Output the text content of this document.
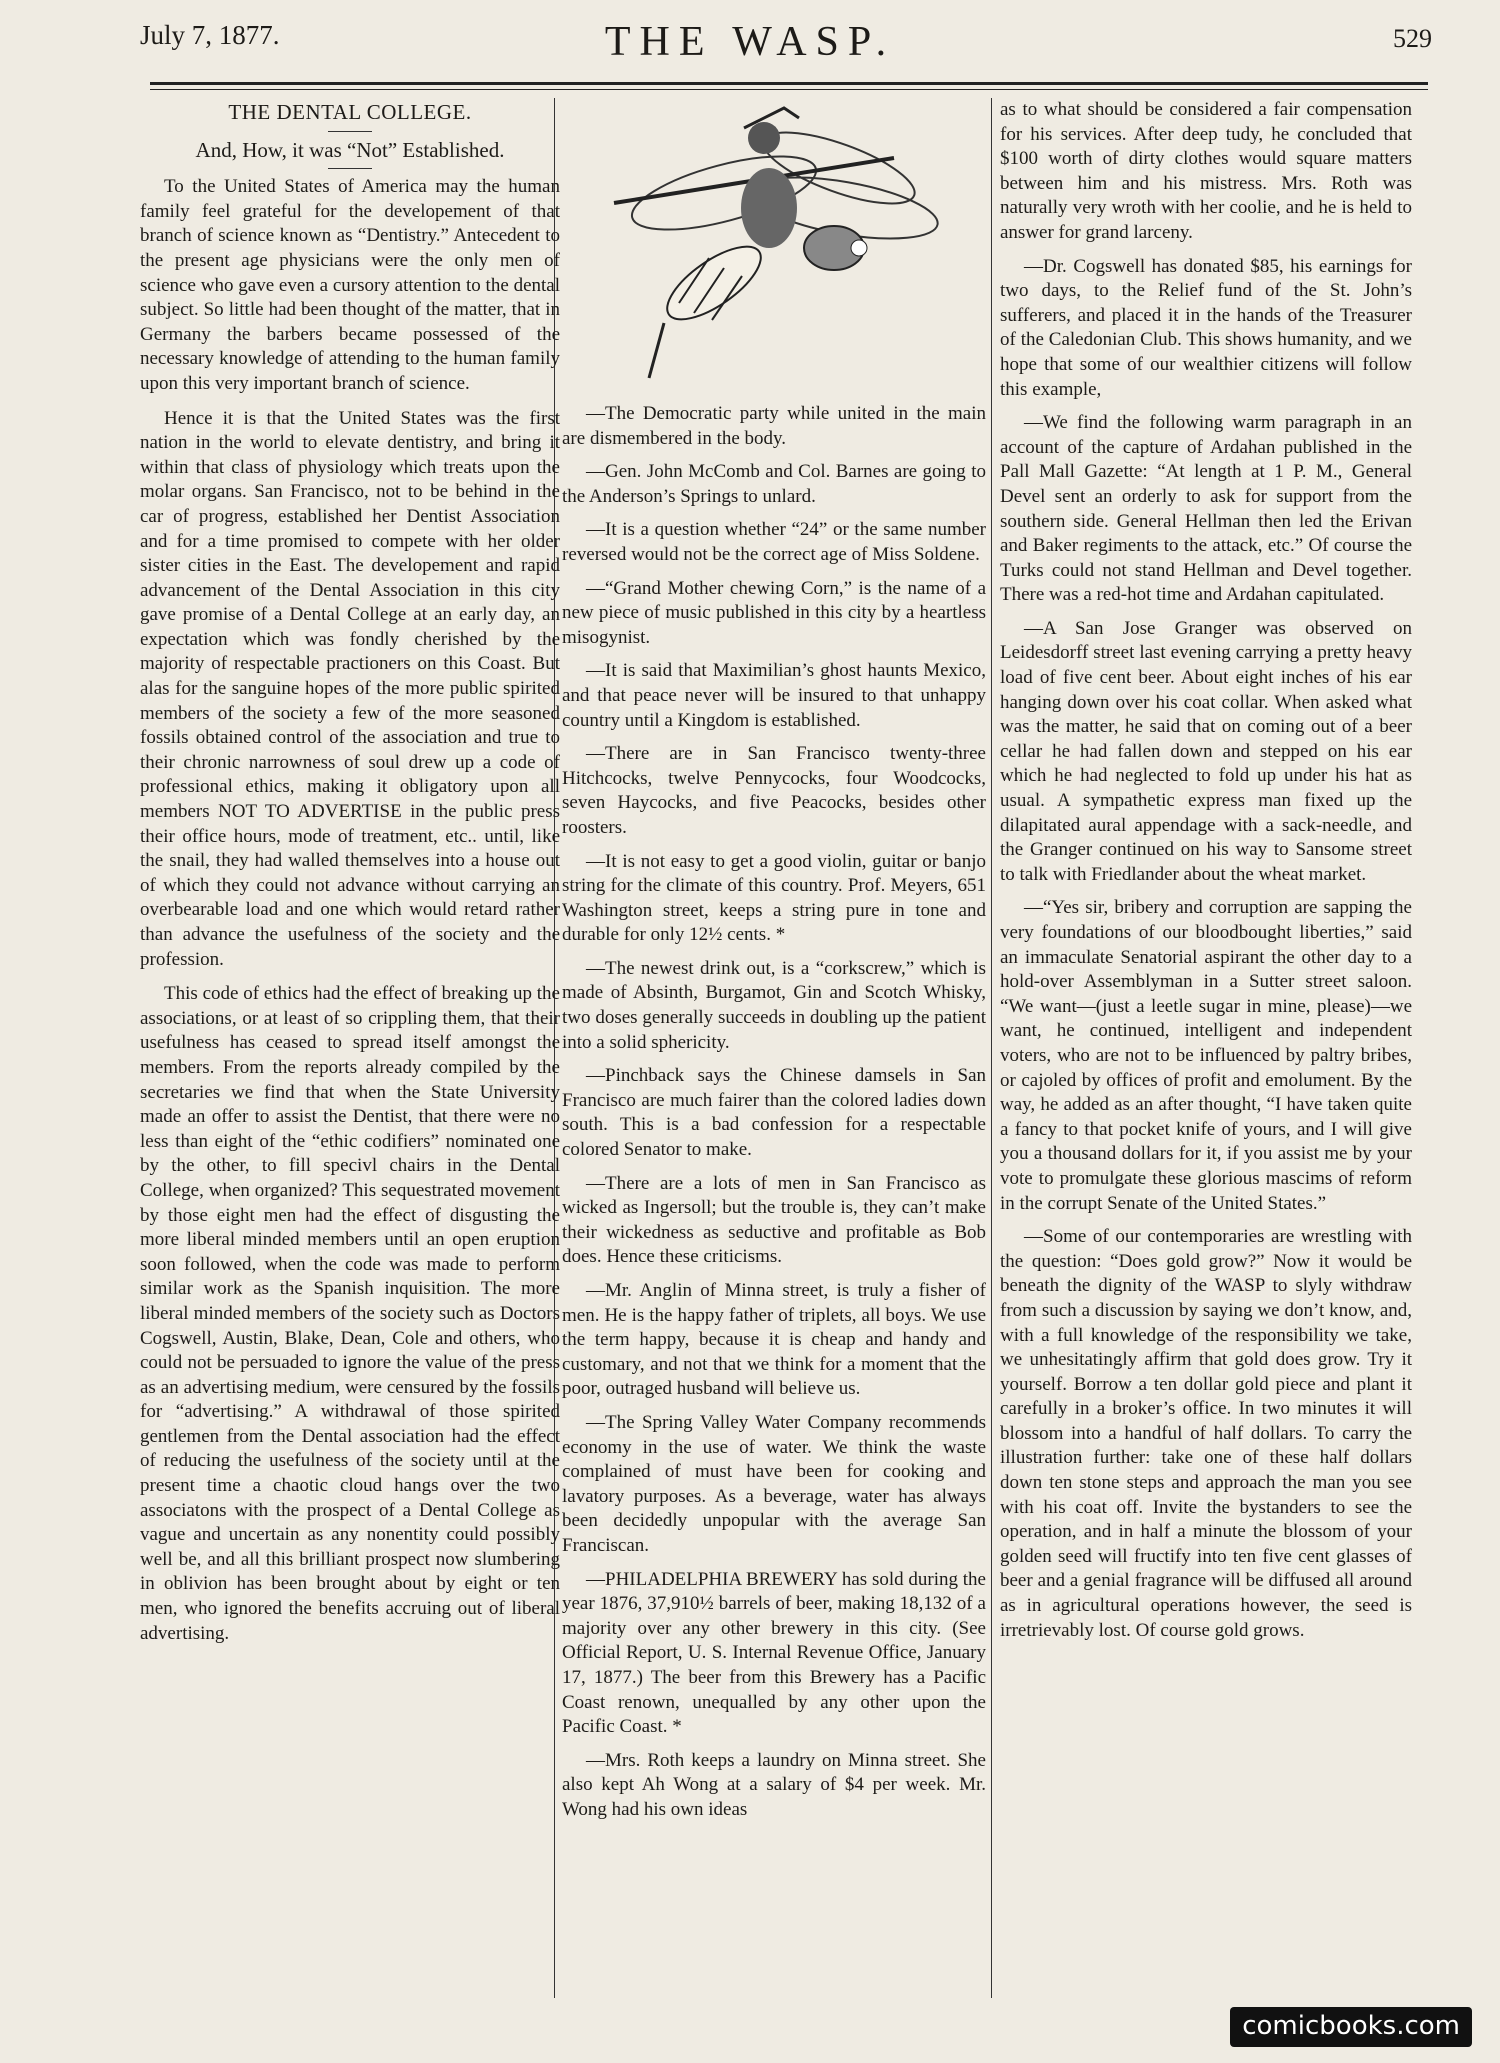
July 7, 1877.	THE WASP.	529
THE DENTAL COLLEGE.
And, How, it was “Not” Established.

To the United States of America may the human family feel grateful for the developement of that branch of science known as “Dentistry.” Antecedent to the present age physicians were the only men of science who gave even a cursory attention to the dental subject. So little had been thought of the matter, that in Germany the barbers became possessed of the necessary knowledge of attending to the human family upon this very important branch of science.

Hence it is that the United States was the first nation in the world to elevate dentistry, and bring it within that class of physiology which treats upon the molar organs. San Francisco, not to be behind in the car of progress, established her Dentist Association and for a time promised to compete with her older sister cities in the East. The developement and rapid advancement of the Dental Association in this city gave promise of a Dental College at an early day, an expectation which was fondly cherished by the majority of respectable practioners on this Coast. But alas for the sanguine hopes of the more public spirited members of the society a few of the more seasoned fossils obtained control of the association and true to their chronic narrowness of soul drew up a code of professional ethics, making it obligatory upon all members NOT TO ADVERTISE in the public press their office hours, mode of treatment, etc.. until, like the snail, they had walled themselves into a house out of which they could not advance without carrying an overbearable load and one which would retard rather than advance the usefulness of the society and the profession.

This code of ethics had the effect of breaking up the associations, or at least of so crippling them, that their usefulness has ceased to spread itself amongst the members. From the reports already compiled by the secretaries we find that when the State University made an offer to assist the Dentist, that there were no less than eight of the “ethic codifiers” nominated one by the other, to fill specivl chairs in the Dental College, when organized? This sequestrated movement by those eight men had the effect of disgusting the more liberal minded members until an open eruption soon followed, when the code was made to perform similar work as the Spanish inquisition. The more liberal minded members of the society such as Doctors Cogswell, Austin, Blake, Dean, Cole and others, who could not be persuaded to ignore the value of the press as an advertising medium, were censured by the fossils for “advertising.” A withdrawal of those spirited gentlemen from the Dental association had the effect of reducing the usefulness of the society until at the present time a chaotic cloud hangs over the two associatons with the prospect of a Dental College as vague and uncertain as any nonentity could possibly well be, and all this brilliant prospect now slumbering in oblivion has been brought about by eight or ten men, who ignored the benefits accruing out of liberal advertising.

—The Democratic party while united in the main are dismembered in the body.

—Gen. John McComb and Col. Barnes are going to the Anderson’s Springs to unlard.

—It is a question whether “24” or the same number reversed would not be the correct age of Miss Soldene.

—“Grand Mother chewing Corn,” is the name of a new piece of music published in this city by a heartless misogynist.

—It is said that Maximilian’s ghost haunts Mexico, and that peace never will be insured to that unhappy country until a Kingdom is established.

—There are in San Francisco twenty-three Hitchcocks, twelve Pennycocks, four Woodcocks, seven Haycocks, and five Peacocks, besides other roosters.

—It is not easy to get a good violin, guitar or banjo string for the climate of this country. Prof. Meyers, 651 Washington street, keeps a string pure in tone and durable for only 12½ cents. *

—The newest drink out, is a “corkscrew,” which is made of Absinth, Burgamot, Gin and Scotch Whisky, two doses generally succeeds in doubling up the patient into a solid sphericity.

—Pinchback says the Chinese damsels in San Francisco are much fairer than the colored ladies down south. This is a bad confession for a respectable colored Senator to make.

—There are a lots of men in San Francisco as wicked as Ingersoll; but the trouble is, they can’t make their wickedness as seductive and profitable as Bob does. Hence these criticisms.

—Mr. Anglin of Minna street, is truly a fisher of men. He is the happy father of triplets, all boys. We use the term happy, because it is cheap and handy and customary, and not that we think for a moment that the poor, outraged husband will believe us.

—The Spring Valley Water Company recommends economy in the use of water. We think the waste complained of must have been for cooking and lavatory purposes. As a beverage, water has always been decidedly unpopular with the average San Franciscan.

—PHILADELPHIA BREWERY has sold during the year 1876, 37,910½ barrels of beer, making 18,132 of a majority over any other brewery in this city. (See Official Report, U. S. Internal Revenue Office, January 17, 1877.) The beer from this Brewery has a Pacific Coast renown, unequalled by any other upon the Pacific Coast. *

—Mrs. Roth keeps a laundry on Minna street. She also kept Ah Wong at a salary of $4 per week. Mr. Wong had his own ideas

as to what should be considered a fair compensation for his services. After deep tudy, he concluded that $100 worth of dirty clothes would square matters between him and his mistress. Mrs. Roth was naturally very wroth with her coolie, and he is held to answer for grand larceny.

—Dr. Cogswell has donated $85, his earnings for two days, to the Relief fund of the St. John’s sufferers, and placed it in the hands of the Treasurer of the Caledonian Club. This shows humanity, and we hope that some of our wealthier citizens will follow this example,

—We find the following warm paragraph in an account of the capture of Ardahan published in the Pall Mall Gazette: “At length at 1 P. M., General Devel sent an orderly to ask for support from the southern side. General Hellman then led the Erivan and Baker regiments to the attack, etc.” Of course the Turks could not stand Hellman and Devel together. There was a red-hot time and Ardahan capitulated.

—A San Jose Granger was observed on Leidesdorff street last evening carrying a pretty heavy load of five cent beer. About eight inches of his ear hanging down over his coat collar. When asked what was the matter, he said that on coming out of a beer cellar he had fallen down and stepped on his ear which he had neglected to fold up under his hat as usual. A sympathetic express man fixed up the dilapitated aural appendage with a sack-needle, and the Granger continued on his way to Sansome street to talk with Friedlander about the wheat market.

—“Yes sir, bribery and corruption are sapping the very foundations of our bloodbought liberties,” said an immaculate Senatorial aspirant the other day to a hold-over Assemblyman in a Sutter street saloon. “We want—(just a leetle sugar in mine, please)—we want, he continued, intelligent and independent voters, who are not to be influenced by paltry bribes, or cajoled by offices of profit and emolument. By the way, he added as an after thought, “I have taken quite a fancy to that pocket knife of yours, and I will give you a thousand dollars for it, if you assist me by your vote to promulgate these glorious mascims of reform in the corrupt Senate of the United States.”

—Some of our contemporaries are wrestling with the question: “Does gold grow?” Now it would be beneath the dignity of the WASP to slyly withdraw from such a discussion by saying we don’t know, and, with a full knowledge of the responsibility we take, we unhesitatingly affirm that gold does grow. Try it yourself. Borrow a ten dollar gold piece and plant it carefully in a broker’s office. In two minutes it will blossom into a handful of half dollars. To carry the illustration further: take one of these half dollars down ten stone steps and approach the man you see with his coat off. Invite the bystanders to see the operation, and in half a minute the blossom of your golden seed will fructify into ten five cent glasses of beer and a genial fragrance will be diffused all around as in agricultural operations however, the seed is irretrievably lost. Of course gold grows.

comicbooks.com
